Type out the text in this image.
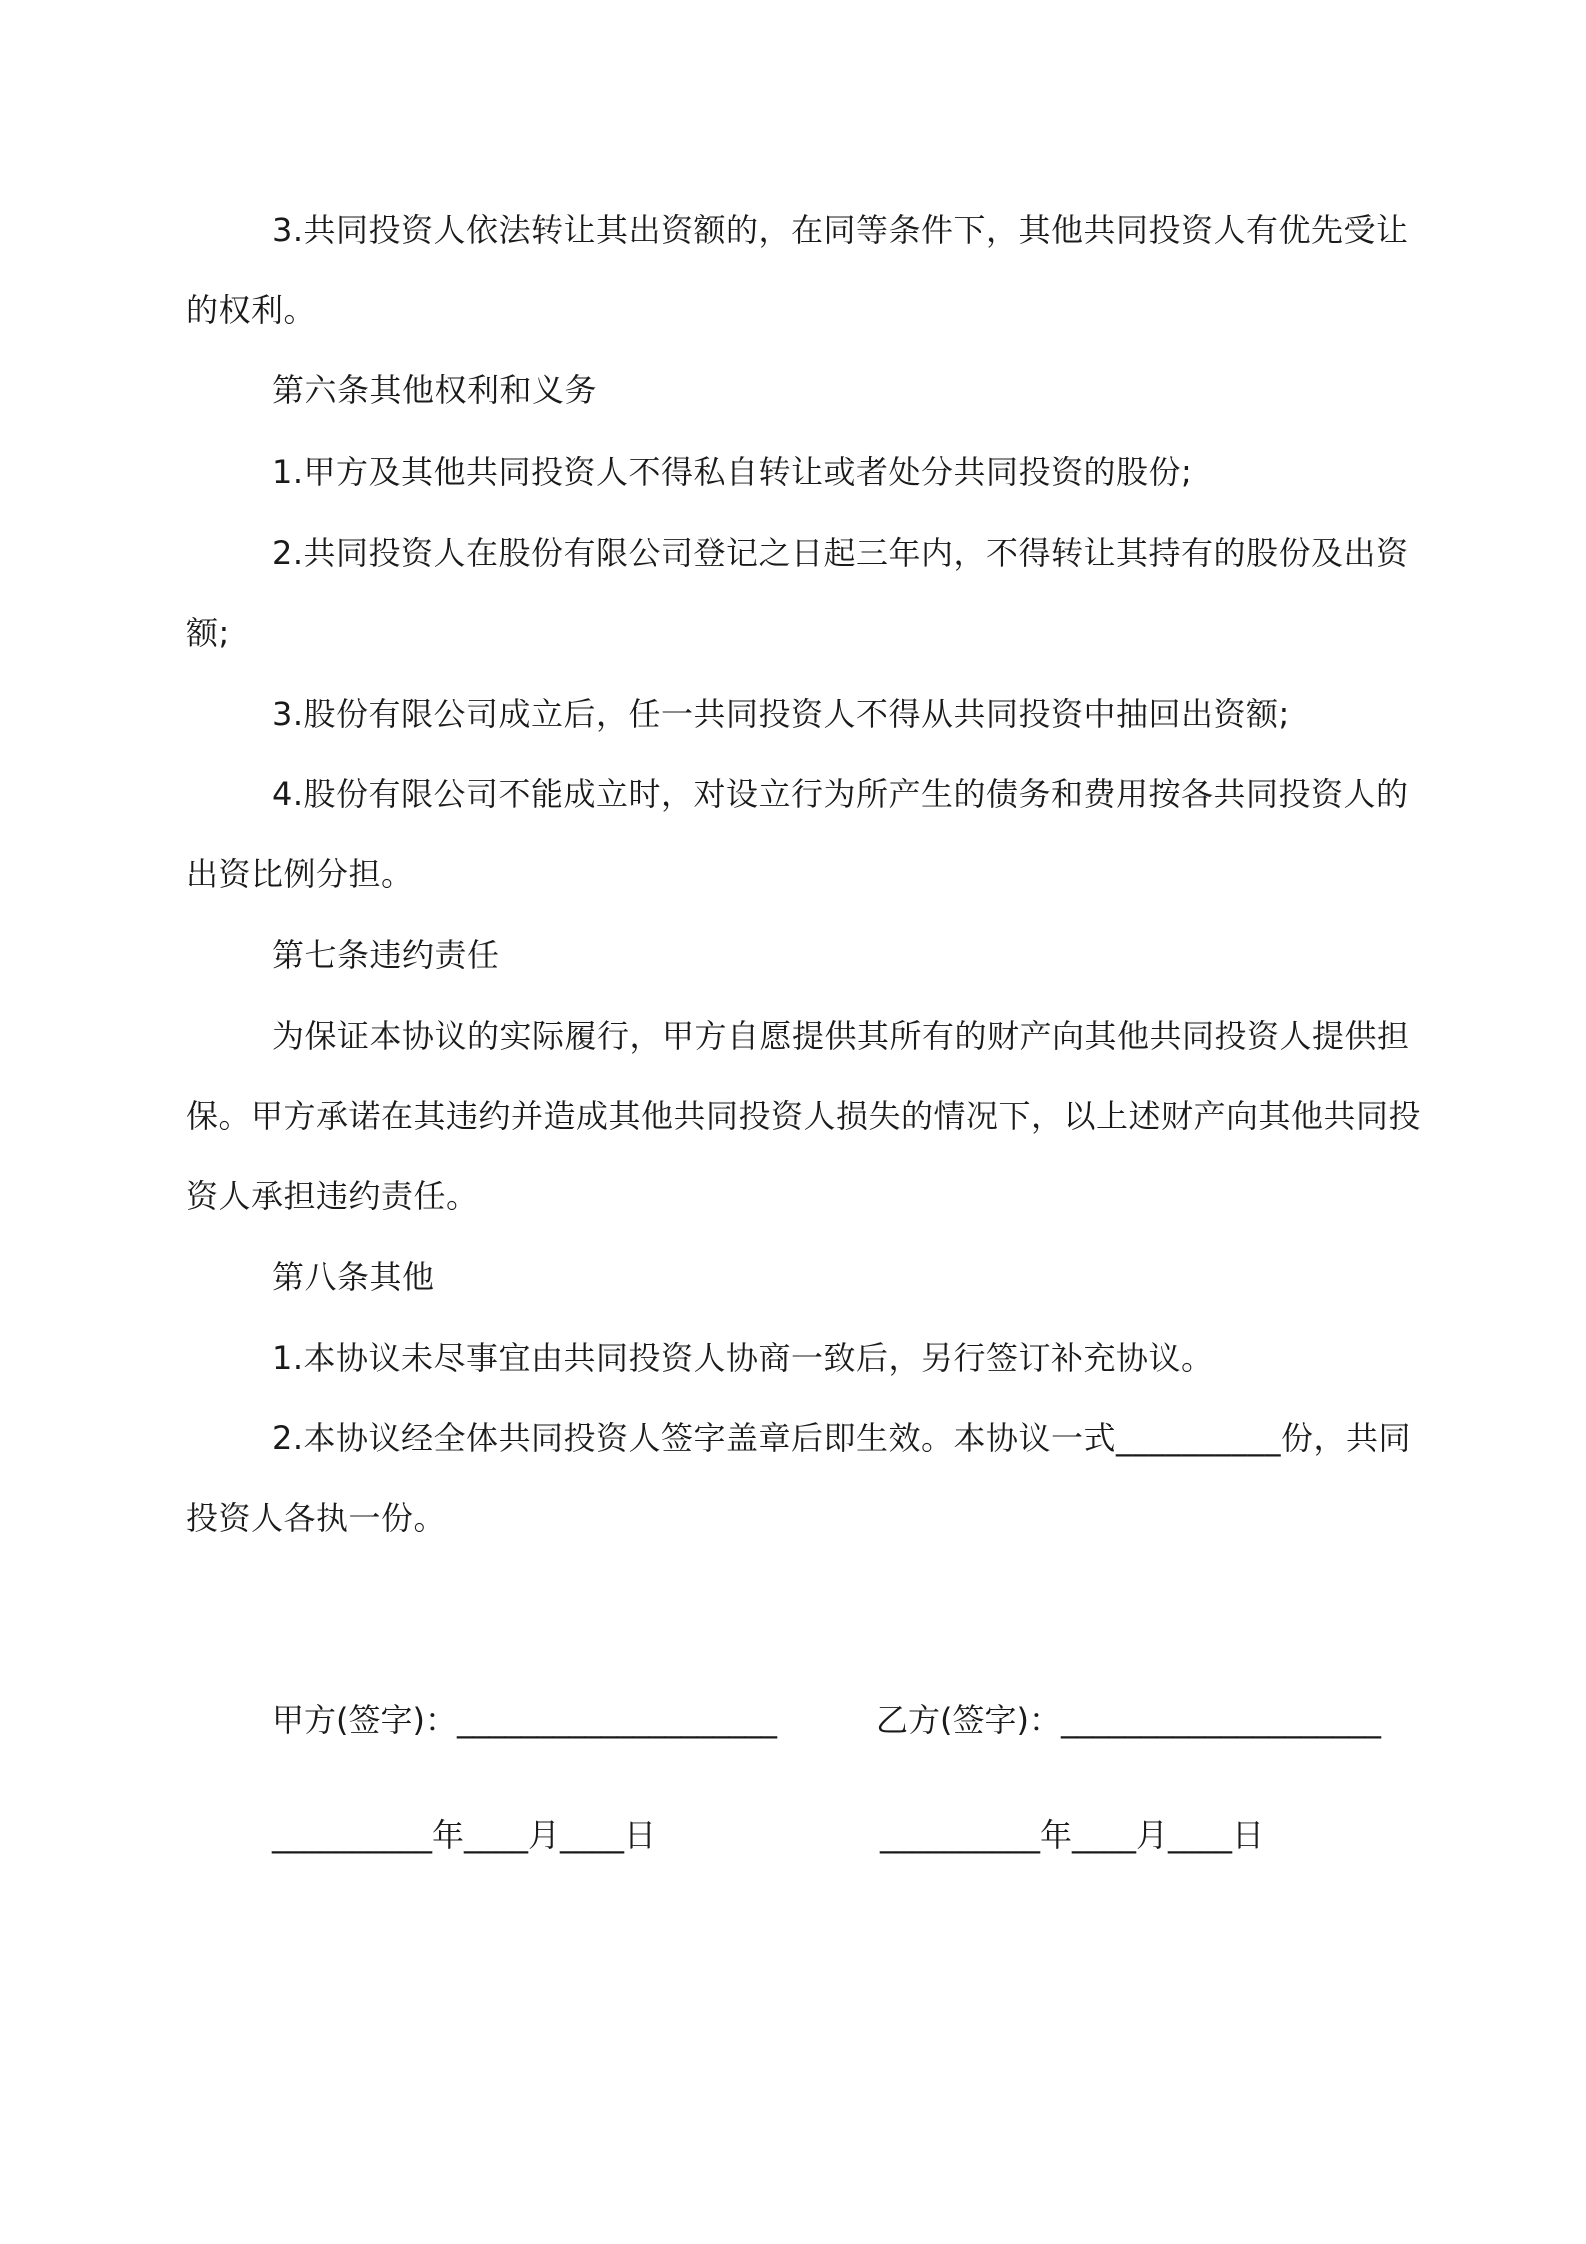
3.共同投资人依法转让其出资额的，在同等条件下，其他共同投资人有优先受让
的权利。
第六条其他权利和义务
1.甲方及其他共同投资人不得私自转让或者处分共同投资的股份;
2.共同投资人在股份有限公司登记之日起三年内，不得转让其持有的股份及出资
额;
3.股份有限公司成立后，任一共同投资人不得从共同投资中抽回出资额;
4.股份有限公司不能成立时，对设立行为所产生的债务和费用按各共同投资人的
出资比例分担。
第七条违约责任
为保证本协议的实际履行，甲方自愿提供其所有的财产向其他共同投资人提供担
保。甲方承诺在其违约并造成其他共同投资人损失的情况下，以上述财产向其他共同投
资人承担违约责任。
第八条其他
1.本协议未尽事宜由共同投资人协商一致后，另行签订补充协议。
2.本协议经全体共同投资人签字盖章后即生效。本协议一式__________份，共同
投资人各执一份。
甲方(签字)：____________________	乙方(签字)：____________________
__________年____月____日	__________年____月____日
